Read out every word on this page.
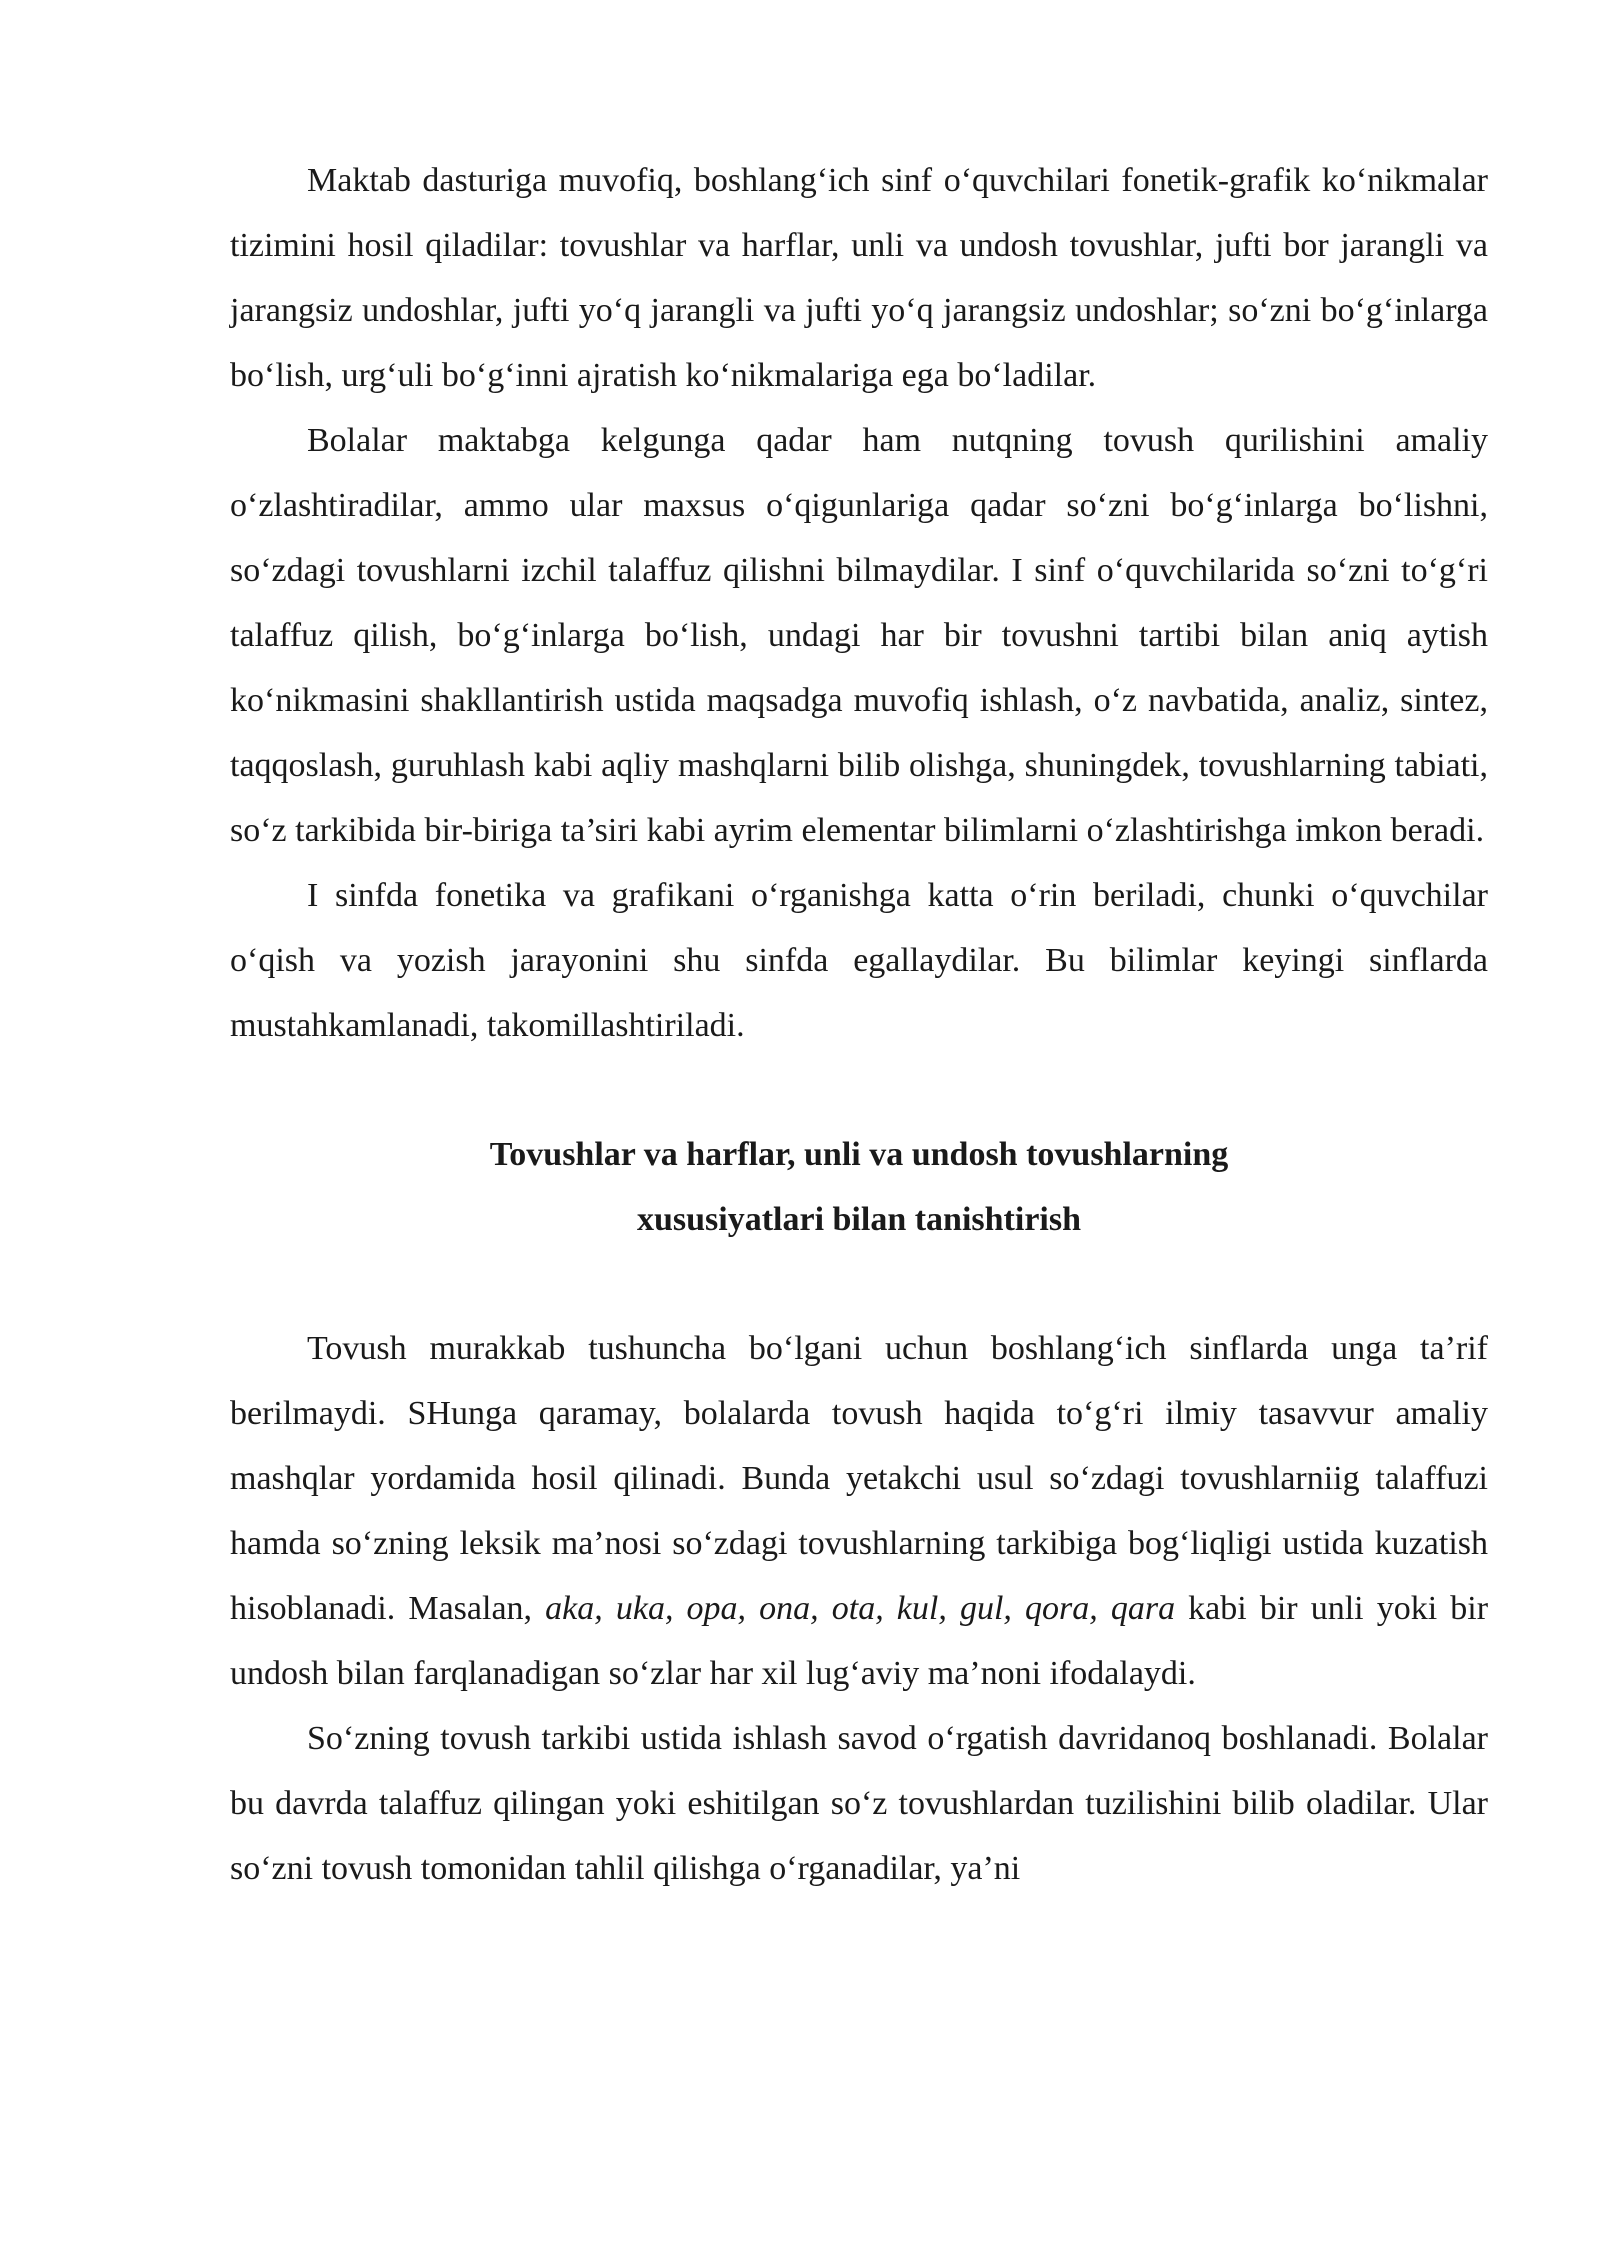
Maktab dasturiga muvofiq, boshlang‘ich sinf o‘quvchilari fonetik-grafik ko‘nikmalar tizimini hosil qiladilar: tovushlar va harflar, unli va undosh tovushlar, jufti bor jarangli va jarangsiz undoshlar, jufti yo‘q jarangli va jufti yo‘q jarangsiz undoshlar; so‘zni bo‘g‘inlarga bo‘lish, urg‘uli bo‘g‘inni ajratish ko‘nikmalariga ega bo‘ladilar.

Bolalar maktabga kelgunga qadar ham nutqning tovush qurilishini amaliy o‘zlashtiradilar, ammo ular maxsus o‘qigunlariga qadar so‘zni bo‘g‘inlarga bo‘lishni, so‘zdagi tovushlarni izchil talaffuz qilishni bilmaydilar. I sinf o‘quvchilarida so‘zni to‘g‘ri talaffuz qilish, bo‘g‘inlarga bo‘lish, undagi har bir tovushni tartibi bilan aniq aytish ko‘nikmasini shakllantirish ustida maqsadga muvofiq ishlash, o‘z navbatida, analiz, sintez, taqqoslash, guruhlash kabi aqliy mashqlarni bilib olishga, shuningdek, tovushlarning tabiati, so‘z tarkibida bir-biriga ta’siri kabi ayrim elementar bilimlarni o‘zlashtirishga imkon beradi.

I sinfda fonetika va grafikani o‘rganishga katta o‘rin beriladi, chunki o‘quvchilar o‘qish va yozish jarayonini shu sinfda egallaydilar. Bu bilimlar keyingi sinflarda mustahkamlanadi, takomillashtiriladi.

Tovushlar va harflar, unli va undosh tovushlarning

xususiyatlari bilan tanishtirish

Tovush murakkab tushuncha bo‘lgani uchun boshlang‘ich sinflarda unga ta’rif berilmaydi. SHunga qaramay, bolalarda tovush haqida to‘g‘ri ilmiy tasavvur amaliy mashqlar yordamida hosil qilinadi. Bunda yetakchi usul so‘zdagi tovushlarniig talaffuzi hamda so‘zning leksik ma’nosi so‘zdagi tovushlarning tarkibiga bog‘liqligi ustida kuzatish hisoblanadi. Masalan, aka, uka, opa, ona, ota, kul, gul, qora, qara kabi bir unli yoki bir undosh bilan farqlanadigan so‘zlar har xil lug‘aviy ma’noni ifodalaydi.

So‘zning tovush tarkibi ustida ishlash savod o‘rgatish davridanoq boshlanadi. Bolalar bu davrda talaffuz qilingan yoki eshitilgan so‘z tovushlardan tuzilishini bilib oladilar. Ular so‘zni tovush tomonidan tahlil qilishga o‘rganadilar, ya’ni
